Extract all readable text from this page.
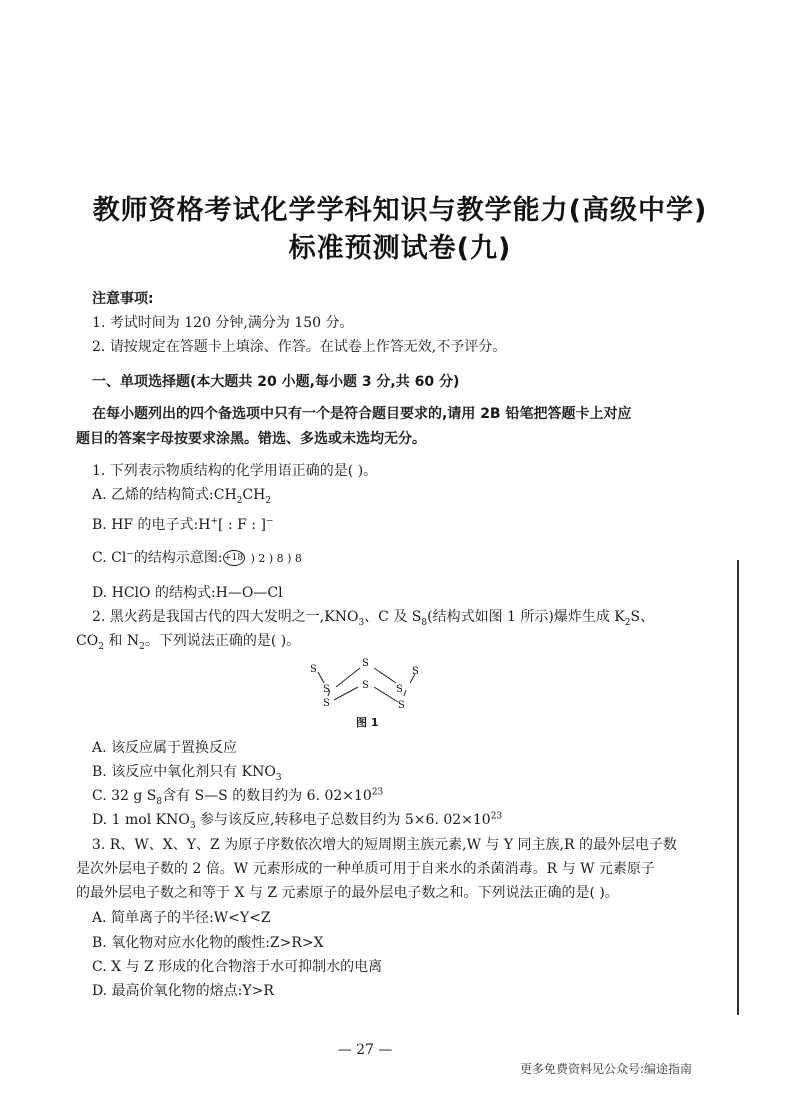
教师资格考试化学学科知识与教学能力(高级中学)
标准预测试卷(九)
注意事项:
1. 考试时间为 120 分钟,满分为 150 分。
2. 请按规定在答题卡上填涂、作答。在试卷上作答无效,不予评分。
一、单项选择题(本大题共 20 小题,每小题 3 分,共 60 分)
在每小题列出的四个备选项中只有一个是符合题目要求的,请用 2B 铅笔把答题卡上对应
题目的答案字母按要求涂黑。错选、多选或未选均无分。
1. 下列表示物质结构的化学用语正确的是( )。
A. 乙烯的结构简式$:CH_2CH_2$
B. HF 的电子式:H+[ : F : ]−
C. Cl−的结构示意图: +18 ) 2 ) 8 ) 8
D. HClO 的结构式:H—O—Cl
2. 黑火药是我国古代的四大发明之一$,KNO_3$、C 及 $S_8$(结构式如图 1 所示)爆炸生成 $K_2S$、
$CO_2$ 和 $N_2$。下列说法正确的是( )。
S
S
S
S
S
S
S
S
图 1
A. 该反应属于置换反应
B. 该反应中氧化剂只有 $KNO_3$
C. 32 g $S_8$含有 S—S 的数目约为 6. $02\times 10^{23}$
D. 1 mol $KNO_3$ 参与该反应,转移电子总数目约为 5×6. $02\times 10^{23}$
3. R、W、X、Y、Z 为原子序数依次增大的短周期主族元素,W 与 Y 同主族,R 的最外层电子数
是次外层电子数的 2 倍。W 元素形成的一种单质可用于自来水的杀菌消毒。R 与 W 元素原子
的最外层电子数之和等于 X 与 Z 元素原子的最外层电子数之和。下列说法正确的是( )。
A. 简单离子的半径:W<Y<Z
B. 氧化物对应水化物的酸性:Z>R>X
C. X 与 Z 形成的化合物溶于水可抑制水的电离
D. 最高价氧化物的熔点:Y>R
— 27 —
更多免费资料见公众号:编途指南
